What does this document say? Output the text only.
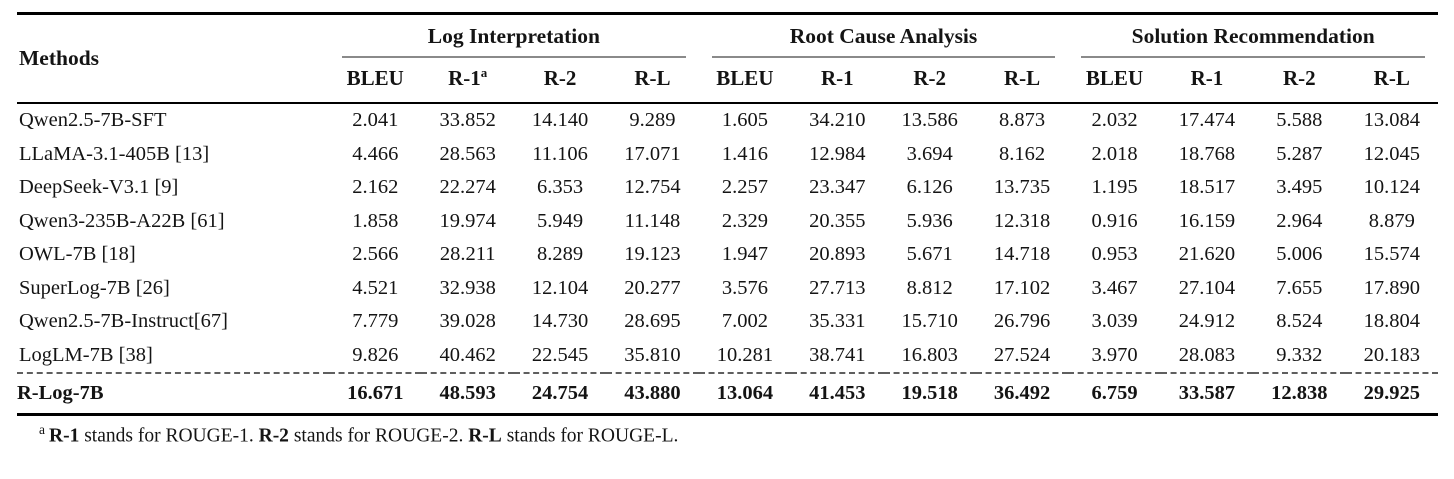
Methods	Log Interpretation				Root Cause Analysis				Solution Recommendation			

	BLEU	R-1$^a$	R-2	R-L	BLEU	R-1	R-2	R-L	BLEU	R-1	R-2	R-L
Qwen2.5-7B-SFT	2.041	33.852	14.140	9.289	1.605	34.210	13.586	8.873	2.032	17.474	5.588	13.084
LLaMA-3.1-405B [13]	4.466	28.563	11.106	17.071	1.416	12.984	3.694	8.162	2.018	18.768	5.287	12.045
DeepSeek-V3.1 [9]	2.162	22.274	6.353	12.754	2.257	23.347	6.126	13.735	1.195	18.517	3.495	10.124
Qwen3-235B-A22B [61]	1.858	19.974	5.949	11.148	2.329	20.355	5.936	12.318	0.916	16.159	2.964	8.879
OWL-7B [18]	2.566	28.211	8.289	19.123	1.947	20.893	5.671	14.718	0.953	21.620	5.006	15.574
SuperLog-7B [26]	4.521	32.938	12.104	20.277	3.576	27.713	8.812	17.102	3.467	27.104	7.655	17.890
Qwen2.5-7B-Instruct[67]	7.779	39.028	14.730	28.695	7.002	35.331	15.710	26.796	3.039	24.912	8.524	18.804
LogLM-7B [38]	9.826	40.462	22.545	35.810	10.281	38.741	16.803	27.524	3.970	28.083	9.332	20.183
R-Log-7B	16.671	48.593	24.754	43.880	13.064	41.453	19.518	36.492	6.759	33.587	12.838	29.925
$^a$ R-1 stands for ROUGE-1. R-2 stands for ROUGE-2. R-L stands for ROUGE-L.
